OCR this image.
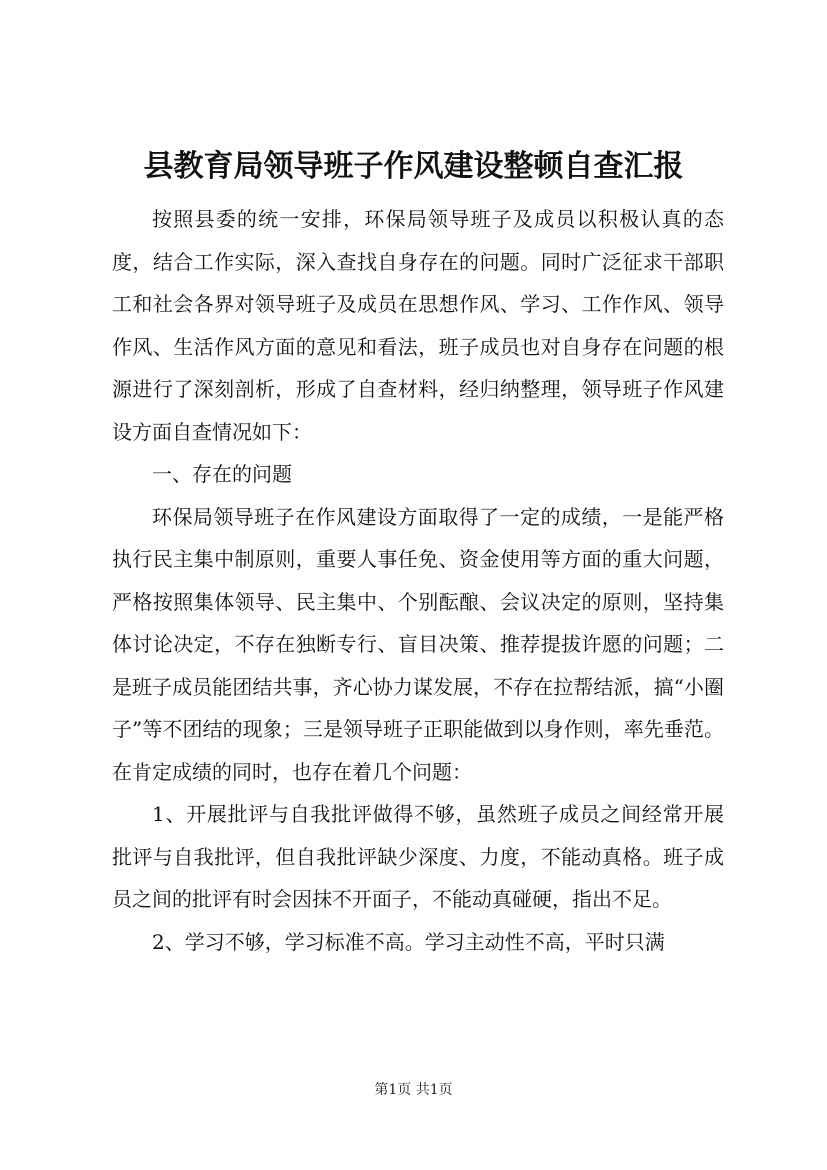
县教育局领导班子作风建设整顿自查汇报

按照县委的统一安排，环保局领导班子及成员以积极认真的态度，结合工作实际，深入查找自身存在的问题。同时广泛征求干部职工和社会各界对领导班子及成员在思想作风、学习、工作作风、领导作风、生活作风方面的意见和看法，班子成员也对自身存在问题的根源进行了深刻剖析，形成了自查材料，经归纳整理，领导班子作风建设方面自查情况如下：

一、存在的问题

环保局领导班子在作风建设方面取得了一定的成绩，一是能严格执行民主集中制原则，重要人事任免、资金使用等方面的重大问题，严格按照集体领导、民主集中、个别酝酿、会议决定的原则，坚持集体讨论决定，不存在独断专行、盲目决策、推荐提拔许愿的问题；二是班子成员能团结共事，齐心协力谋发展，不存在拉帮结派，搞“小圈子”等不团结的现象；三是领导班子正职能做到以身作则，率先垂范。在肯定成绩的同时，也存在着几个问题：

1、开展批评与自我批评做得不够，虽然班子成员之间经常开展批评与自我批评，但自我批评缺少深度、力度，不能动真格。班子成员之间的批评有时会因抹不开面子，不能动真碰硬，指出不足。

2、学习不够，学习标准不高。学习主动性不高，平时只满

第1页 共1页
